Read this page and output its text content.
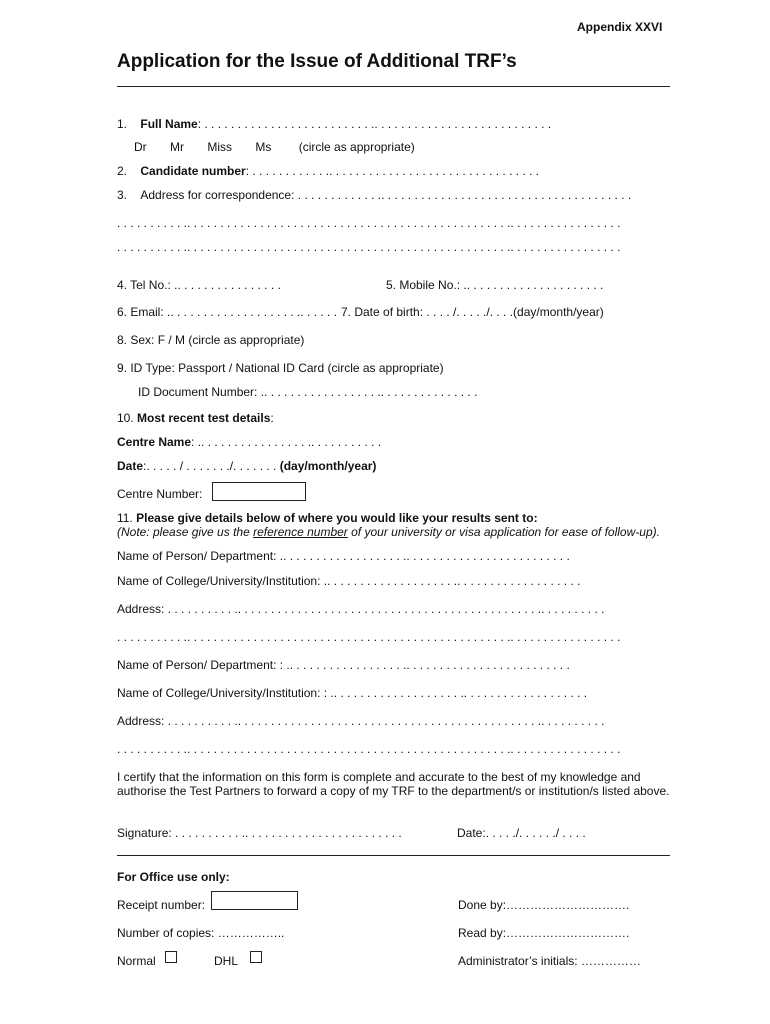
Appendix XXVI
Application for the Issue of Additional TRF’s
1. Full Name: . . . . . . . . . . . . . . . . . . . . . . . . . .. . . . . . . . . . . . . . . . . . . . . . . . . . .
Dr Mr Miss Ms (circle as appropriate)
2. Candidate number: . . . . . . . . . . . .. . . . . . . . . . . . . . . . . . . . . . . . . . . . . . . .
3. Address for correspondence: . . . . . . . . . . . . .. . . . . . . . . . . . . . . . . . . . . . . . . . . . . . . . . . . . . .
. . . . . . . . . . .. . . . . . . . . . . . . . . . . . . . . . . . . . . . . . . . . . . . . . . . . . . . . . . . .. . . . . . . . . . . . . . . . .
. . . . . . . . . . .. . . . . . . . . . . . . . . . . . . . . . . . . . . . . . . . . . . . . . . . . . . . . . . . .. . . . . . . . . . . . . . . . .
4. Tel No.: .. . . . . . . . . . . . . . . .	5. Mobile No.: .. . . . . . . . . . . . . . . . . . . . .
6. Email: .. . . . . . . . . . . . . . . . . . . .. . . . . . 7. Date of birth: . . . . /. . . . ./. . . .(day/month/year)
8. Sex: F / M (circle as appropriate)
9. ID Type: Passport / National ID Card (circle as appropriate)
ID Document Number: .. . . . . . . . . . . . . . . . . .. . . . . . . . . . . . . . .
10. Most recent test details:
Centre Name: .. . . . . . . . . . . . . . . . .. . . . . . . . . . .
Date:. . . . . / . . . . . . ./. . . . . . . (day/month/year)
Centre Number:
11. Please give details below of where you would like your results sent to:
(Note: please give us the reference number of your university or visa application for ease of follow-up).
Name of Person/ Department: .. . . . . . . . . . . . . . . . . . .. . . . . . . . . . . . . . . . . . . . . . . . .
Name of College/University/Institution: .. . . . . . . . . . . . . . . . . . . .. . . . . . . . . . . . . . . . . . .
Address: . . . . . . . . . . .. . . . . . . . . . . . . . . . . . . . . . . . . . . . . . . . . . . . . . . . . . . . . .. . . . . . . . . .
. . . . . . . . . . .. . . . . . . . . . . . . . . . . . . . . . . . . . . . . . . . . . . . . . . . . . . . . . . . .. . . . . . . . . . . . . . . . .
Name of Person/ Department: : .. . . . . . . . . . . . . . . . . .. . . . . . . . . . . . . . . . . . . . . . . . .
Name of College/University/Institution: : .. . . . . . . . . . . . . . . . . . . .. . . . . . . . . . . . . . . . . . .
Address: . . . . . . . . . . .. . . . . . . . . . . . . . . . . . . . . . . . . . . . . . . . . . . . . . . . . . . . . .. . . . . . . . . .
. . . . . . . . . . .. . . . . . . . . . . . . . . . . . . . . . . . . . . . . . . . . . . . . . . . . . . . . . . . .. . . . . . . . . . . . . . . . .
I certify that the information on this form is complete and accurate to the best of my knowledge and
authorise the Test Partners to forward a copy of my TRF to the department/s or institution/s listed above.
Signature: . . . . . . . . . . .. . . . . . . . . . . . . . . . . . . . . . . .	Date:. . . . ./. . . . . ./ . . . .
For Office use only:
Receipt number:	Done by:………………………….
Number of copies: ……………..	Read by:………………………….
Normal	DHL	Administrator’s initials: ……………
